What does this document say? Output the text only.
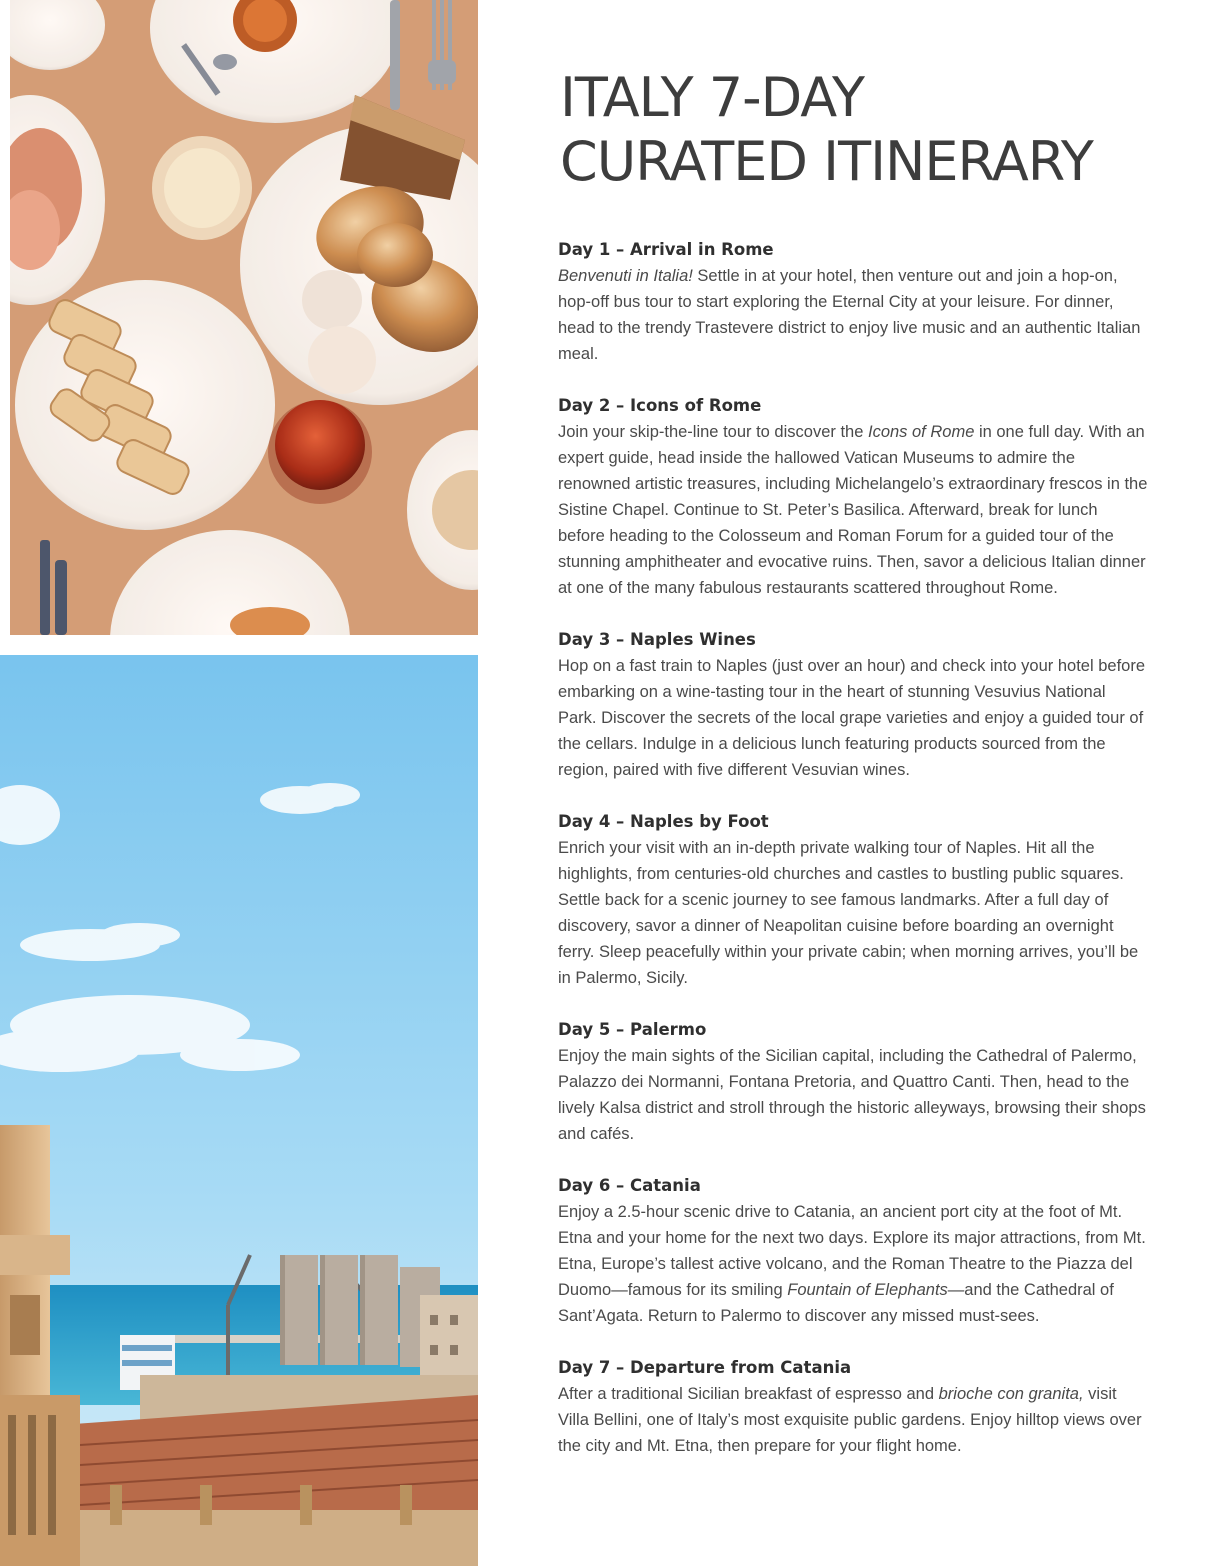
ITALY 7-DAY
CURATED ITINERARY

Day 1 – Arrival in Rome

Benvenuti in Italia! Settle in at your hotel, then venture out and join a hop-on, hop-off bus tour to start exploring the Eternal City at your leisure. For dinner, head to the trendy Trastevere district to enjoy live music and an authentic Italian meal.

Day 2 – Icons of Rome

Join your skip-the-line tour to discover the Icons of Rome in one full day. With an expert guide, head inside the hallowed Vatican Museums to admire the renowned artistic treasures, including Michelangelo’s extraordinary frescos in the Sistine Chapel. Continue to St. Peter’s Basilica. Afterward, break for lunch before heading to the Colosseum and Roman Forum for a guided tour of the stunning amphitheater and evocative ruins. Then, savor a delicious Italian dinner at one of the many fabulous restaurants scattered throughout Rome.

Day 3 – Naples Wines

Hop on a fast train to Naples (just over an hour) and check into your hotel before embarking on a wine-tasting tour in the heart of stunning Vesuvius National Park. Discover the secrets of the local grape varieties and enjoy a guided tour of the cellars. Indulge in a delicious lunch featuring products sourced from the region, paired with five different Vesuvian wines.

Day 4 – Naples by Foot

Enrich your visit with an in-depth private walking tour of Naples. Hit all the highlights, from centuries-old churches and castles to bustling public squares. Settle back for a scenic journey to see famous landmarks. After a full day of discovery, savor a dinner of Neapolitan cuisine before boarding an overnight ferry. Sleep peacefully within your private cabin; when morning arrives, you’ll be in Palermo, Sicily.

Day 5 – Palermo

Enjoy the main sights of the Sicilian capital, including the Cathedral of Palermo, Palazzo dei Normanni, Fontana Pretoria, and Quattro Canti. Then, head to the lively Kalsa district and stroll through the historic alleyways, browsing their shops and cafés.

Day 6 – Catania

Enjoy a 2.5-hour scenic drive to Catania, an ancient port city at the foot of Mt. Etna and your home for the next two days. Explore its major attractions, from Mt. Etna, Europe’s tallest active volcano, and the Roman Theatre to the Piazza del Duomo—famous for its smiling Fountain of Elephants—and the Cathedral of Sant’Agata. Return to Palermo to discover any missed must-sees.

Day 7 – Departure from Catania

After a traditional Sicilian breakfast of espresso and brioche con granita, visit Villa Bellini, one of Italy’s most exquisite public gardens. Enjoy hilltop views over the city and Mt. Etna, then prepare for your flight home.
